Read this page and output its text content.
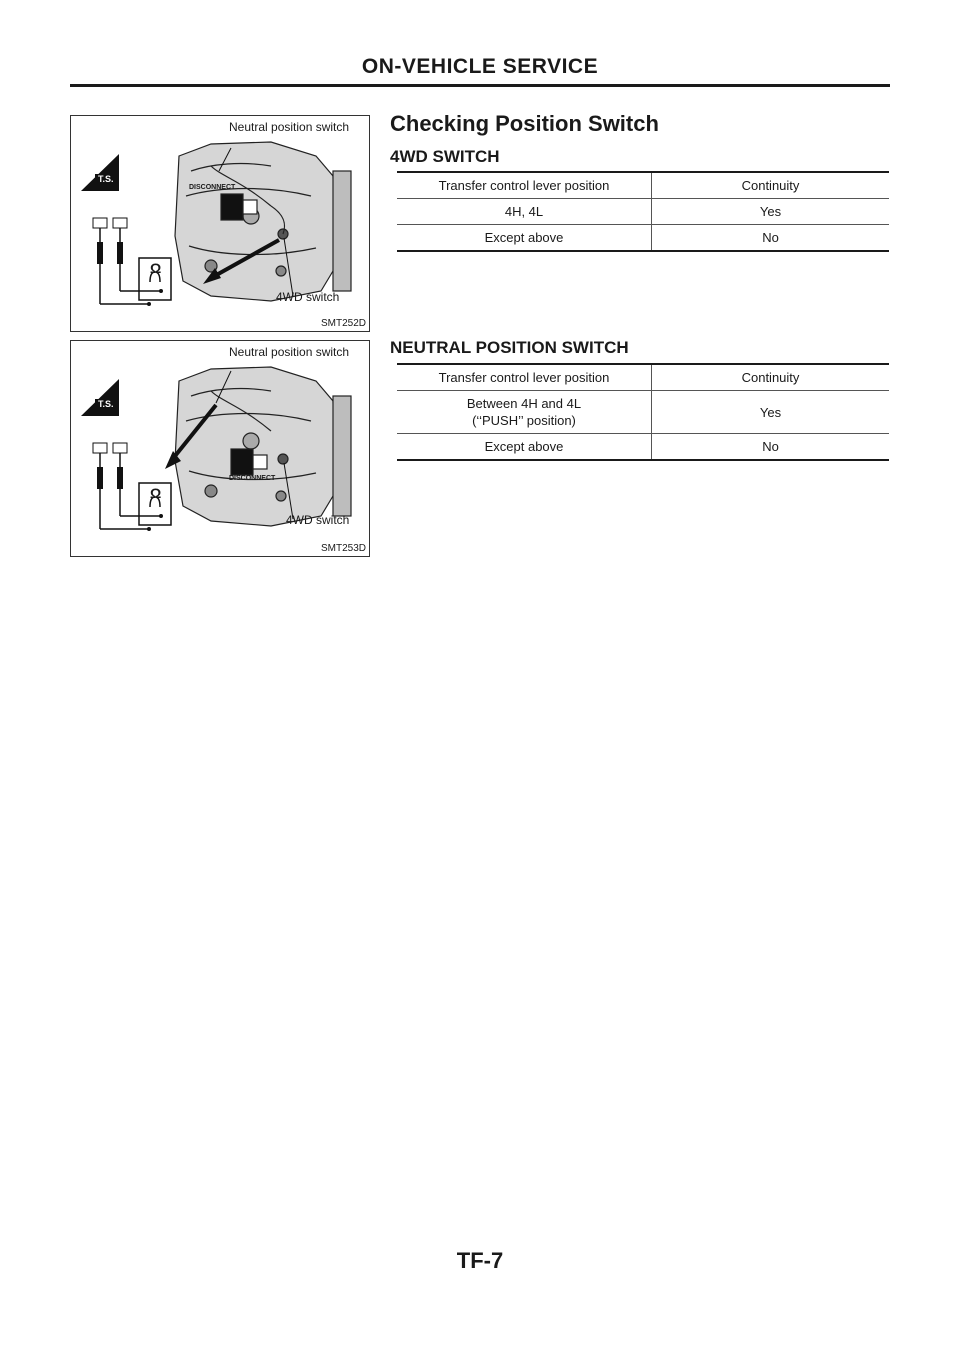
ON-VEHICLE SERVICE
Neutral position switch
4WD switch
DISCONNECT
T.S.
Ω
SMT252D
Neutral position switch
4WD switch
DISCONNECT
T.S.
Ω
SMT253D
Checking Position Switch
4WD SWITCH
Transfer control lever position	Continuity
4H, 4L	Yes
Except above	No
NEUTRAL POSITION SWITCH
Transfer control lever position	Continuity

Between 4H and 4L
(‘‘PUSH’’ position)	Yes
Except above	No
TF-7
